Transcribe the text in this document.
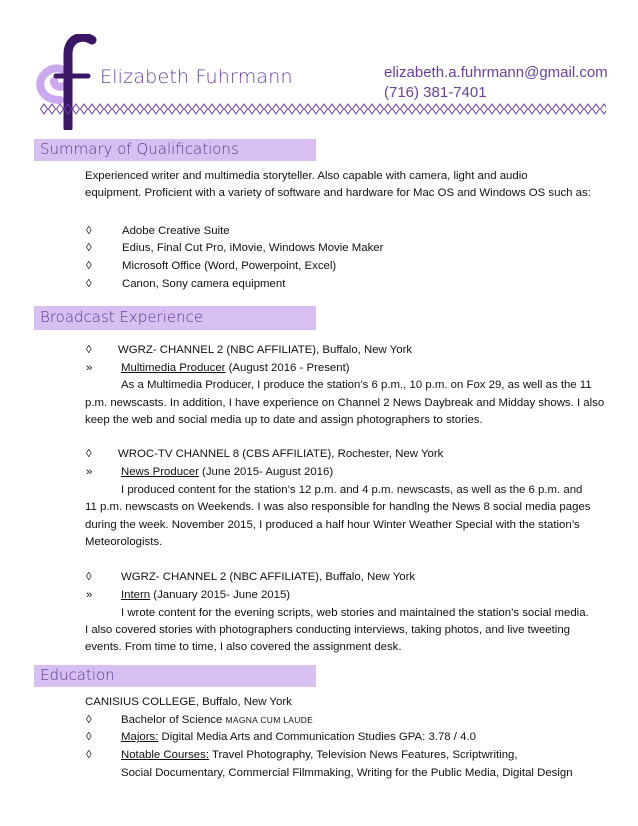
Elizabeth Fuhrmann	elizabeth.a.fuhrmann@gmail.com
(716) 381-7401
Summary of Qualifications
Experienced writer and multimedia storyteller. Also capable with camera, light and audio
equipment. Proficient with a variety of software and hardware for Mac OS and Windows OS such as:
◊	Adobe Creative Suite
◊	Edius, Final Cut Pro, iMovie, Windows Movie Maker
◊	Microsoft Office (Word, Powerpoint, Excel)
◊	Canon, Sony camera equipment
Broadcast Experience
◊ WGRZ- CHANNEL 2 (NBC AFFILIATE), Buffalo, New York
»	Multimedia Producer (August 2016 - Present)
As a Multimedia Producer, I produce the station’s 6 p.m., 10 p.m. on Fox 29, as well as the 11
p.m. newscasts. In addition, I have experience on Channel 2 News Daybreak and Midday shows. I also
keep the web and social media up to date and assign photographers to stories.
◊ WROC-TV CHANNEL 8 (CBS AFFILIATE), Rochester, New York
»	News Producer (June 2015- August 2016)
I produced content for the station’s 12 p.m. and 4 p.m. newscasts, as well as the 6 p.m. and
11 p.m. newscasts on Weekends. I was also responsible for handlng the News 8 social media pages
during the week. November 2015, I produced a half hour Winter Weather Special with the station’s
Meteorologists.
◊	WGRZ- CHANNEL 2 (NBC AFFILIATE), Buffalo, New York
»	Intern (January 2015- June 2015)
I wrote content for the evening scripts, web stories and maintained the station’s social media.
I also covered stories with photographers conducting interviews, taking photos, and live tweeting
events. From time to time, I also covered the assignment desk.
Education
CANISIUS COLLEGE, Buffalo, New York
◊	Bachelor of Science MAGNA CUM LAUDE
◊	Majors: Digital Media Arts and Communication Studies GPA: 3.78 / 4.0
◊	Notable Courses: Travel Photography, Television News Features, Scriptwriting,
Social Documentary, Commercial Filmmaking, Writing for the Public Media, Digital Design
